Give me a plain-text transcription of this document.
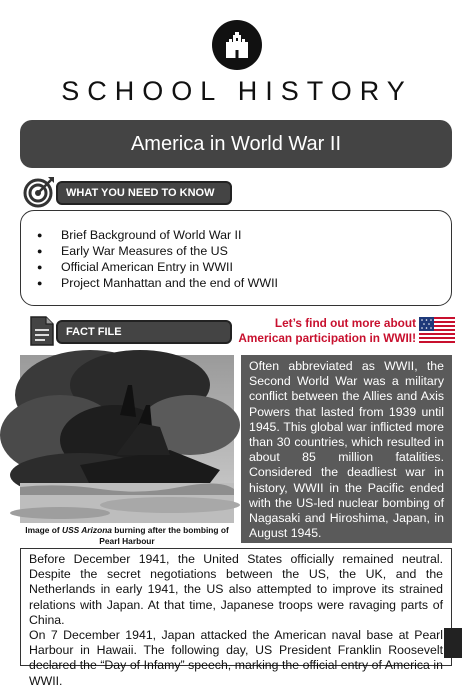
SCHOOL HISTORY
America in World War II
WHAT YOU NEED TO KNOW
● Brief Background of World War II
● Early War Measures of the US
● Official American Entry in WWII
● Project Manhattan and the end of WWII
FACT FILE
Let’s find out more about
American participation in WWII!
Image of USS Arizona burning after the bombing of Pearl Harbour
Often abbreviated as WWII, the Second World War was a military conflict between the Allies and Axis Powers that lasted from 1939 until 1945. This global war inflicted more than 30 countries, which resulted in about 85 million fatalities. Considered the deadliest war in history, WWII in the Pacific ended with the US-led nuclear bombing of Nagasaki and Hiroshima, Japan, in August 1945.

Before December 1941, the United States officially remained neutral. Despite the secret negotiations between the US, the UK, and the Netherlands in early 1941, the US also attempted to improve its strained relations with Japan. At that time, Japanese troops were ravaging parts of China.

On 7 December 1941, Japan attacked the American naval base at Pearl Harbour in Hawaii. The following day, US President Franklin Roosevelt declared the “Day of Infamy” speech, marking the official entry of America in WWII.
